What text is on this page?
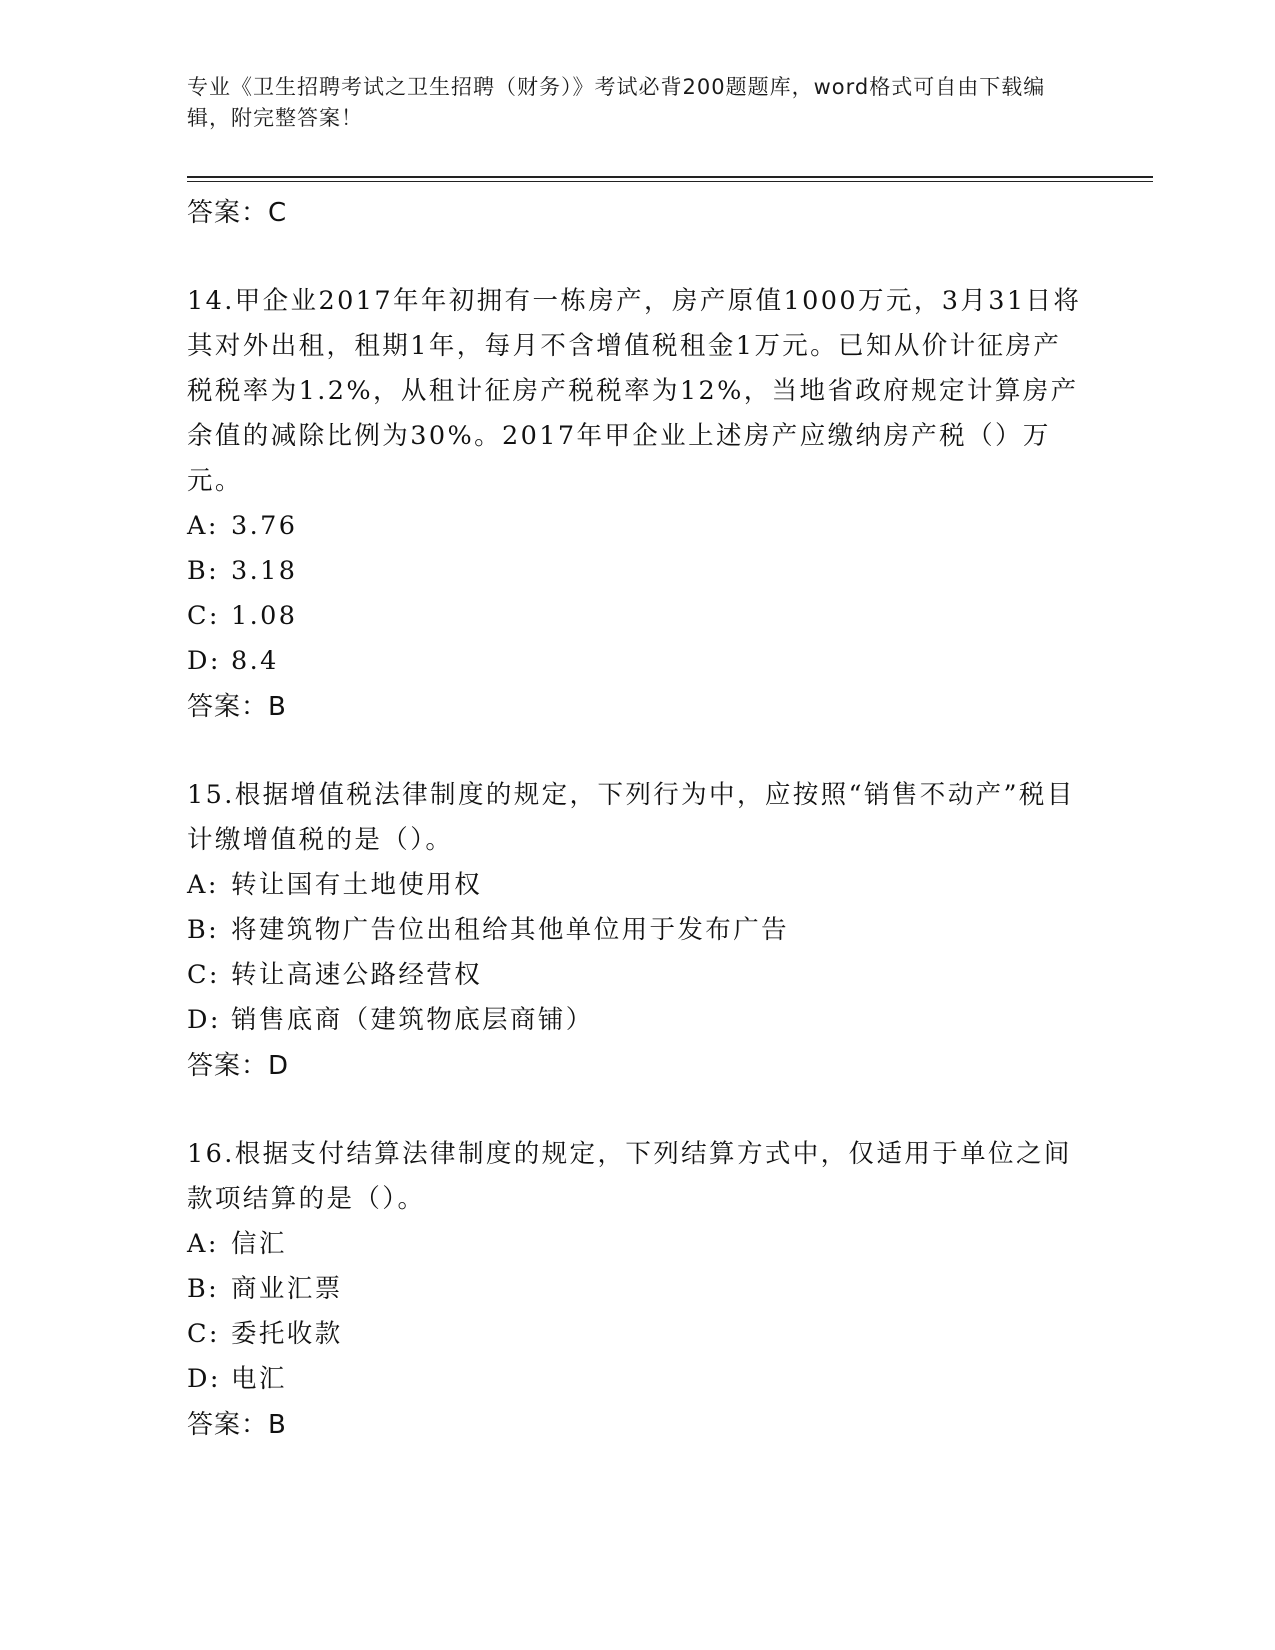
专业《卫生招聘考试之卫生招聘（财务）》考试必背200题题库，word格式可自由下载编辑，附完整答案！
答案：C
14.甲企业2017年年初拥有一栋房产，房产原值1000万元，3月31日将其对外出租，租期1年，每月不含增值税租金1万元。已知从价计征房产税税率为1.2%，从租计征房产税税率为12%，当地省政府规定计算房产余值的减除比例为30%。2017年甲企业上述房产应缴纳房产税（）万元。
A: 3.76
B: 3.18
C: 1.08
D: 8.4
答案：B
15.根据增值税法律制度的规定，下列行为中，应按照“销售不动产”税目计缴增值税的是（）。
A: 转让国有土地使用权
B: 将建筑物广告位出租给其他单位用于发布广告
C: 转让高速公路经营权
D: 销售底商（建筑物底层商铺）
答案：D
16.根据支付结算法律制度的规定，下列结算方式中，仅适用于单位之间款项结算的是（）。
A: 信汇
B: 商业汇票
C: 委托收款
D: 电汇
答案：B
